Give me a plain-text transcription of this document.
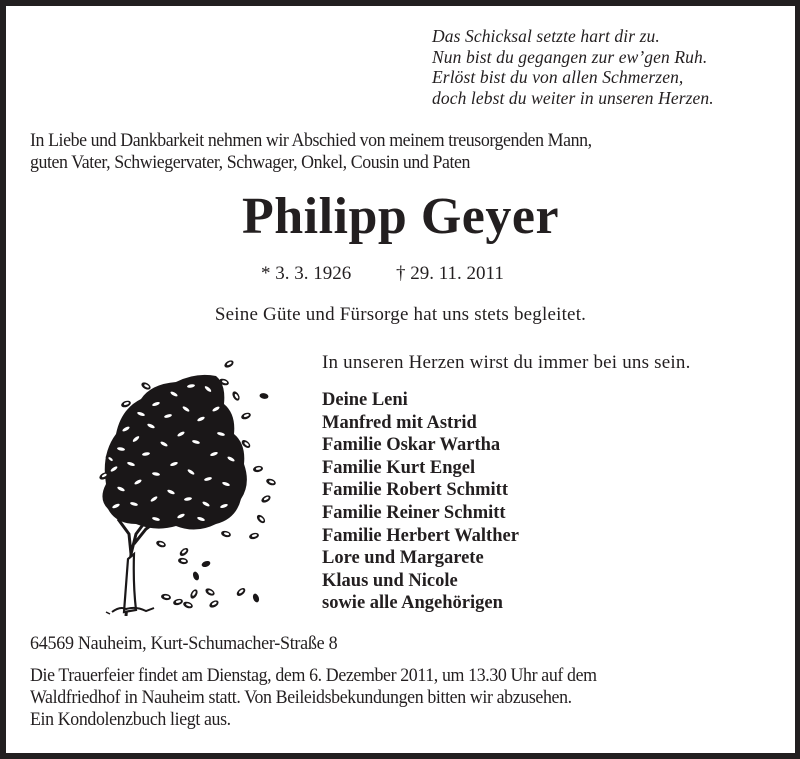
Das Schicksal setzte hart dir zu.
Nun bist du gegangen zur ew’gen Ruh.
Erlöst bist du von allen Schmerzen,
doch lebst du weiter in unseren Herzen.
In Liebe und Dankbarkeit nehmen wir Abschied von meinem treusorgenden Mann,
guten Vater, Schwiegervater, Schwager, Onkel, Cousin und Paten
Philipp Geyer
* 3. 3. 1926 † 29. 11. 2011
Seine Güte und Fürsorge hat uns stets begleitet.
In unseren Herzen wirst du immer bei uns sein.
Deine Leni
Manfred mit Astrid
Familie Oskar Wartha
Familie Kurt Engel
Familie Robert Schmitt
Familie Reiner Schmitt
Familie Herbert Walther
Lore und Margarete
Klaus und Nicole
sowie alle Angehörigen
64569 Nauheim, Kurt-Schumacher-Straße 8
Die Trauerfeier findet am Dienstag, dem 6. Dezember 2011, um 13.30 Uhr auf dem
Waldfriedhof in Nauheim statt. Von Beileidsbekundungen bitten wir abzusehen.
Ein Kondolenzbuch liegt aus.
